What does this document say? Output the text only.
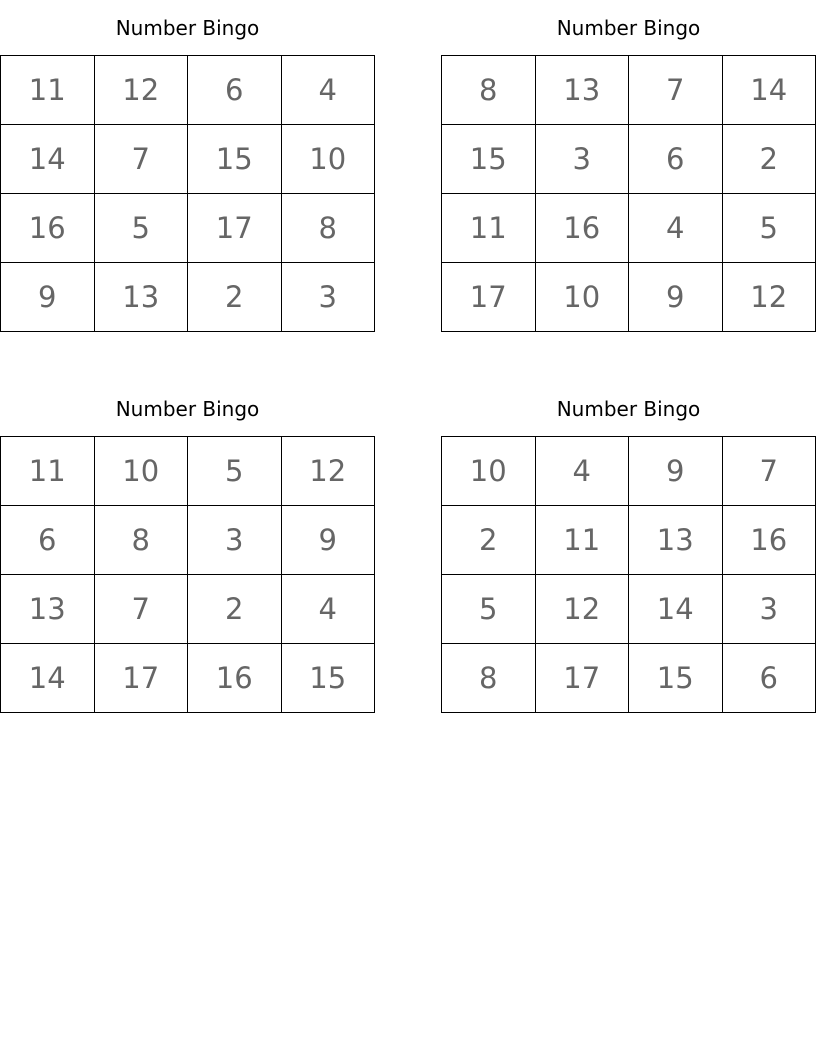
Number Bingo
11	12	6	4
14	7	15	10
16	5	17	8
9	13	2	3
Number Bingo
8	13	7	14
15	3	6	2
11	16	4	5
17	10	9	12
Number Bingo
11	10	5	12
6	8	3	9
13	7	2	4
14	17	16	15
Number Bingo
10	4	9	7
2	11	13	16
5	12	14	3
8	17	15	6
